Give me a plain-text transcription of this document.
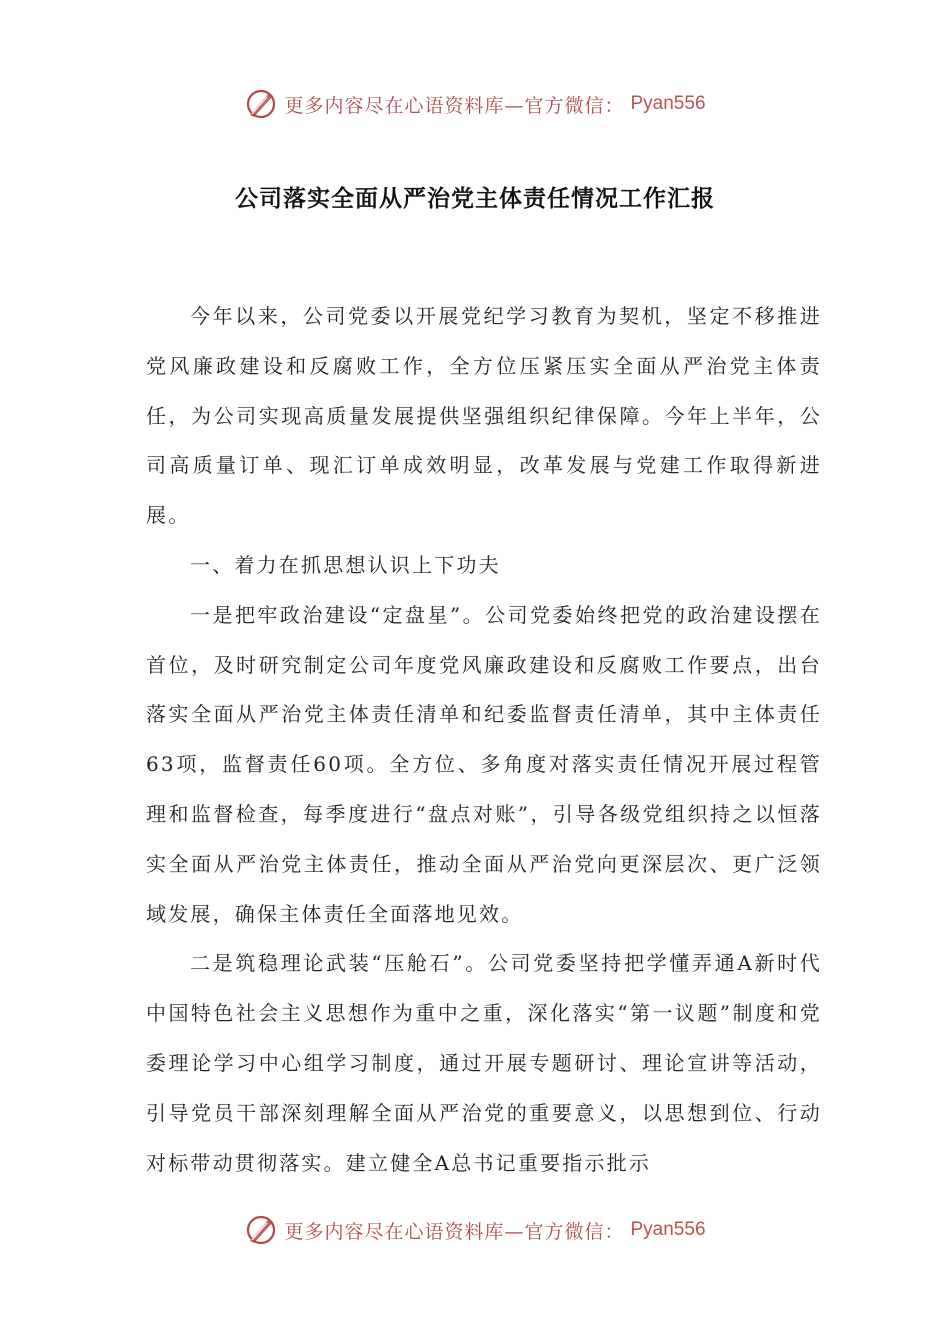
更多内容尽在心语资料库—官方微信： Pyan556
公司落实全面从严治党主体责任情况工作汇报

今年以来，公司党委以开展党纪学习教育为契机，坚定不移推进党风廉政建设和反腐败工作，全方位压紧压实全面从严治党主体责任，为公司实现高质量发展提供坚强组织纪律保障。今年上半年，公司高质量订单、现汇订单成效明显，改革发展与党建工作取得新进展。

一、着力在抓思想认识上下功夫

一是把牢政治建设“定盘星”。公司党委始终把党的政治建设摆在首位，及时研究制定公司年度党风廉政建设和反腐败工作要点，出台落实全面从严治党主体责任清单和纪委监督责任清单，其中主体责任63项，监督责任60项。全方位、多角度对落实责任情况开展过程管理和监督检查，每季度进行“盘点对账”，引导各级党组织持之以恒落实全面从严治党主体责任，推动全面从严治党向更深层次、更广泛领域发展，确保主体责任全面落地见效。

二是筑稳理论武装“压舱石”。公司党委坚持把学懂弄通A新时代中国特色社会主义思想作为重中之重，深化落实“第一议题”制度和党委理论学习中心组学习制度，通过开展专题研讨、理论宣讲等活动，引导党员干部深刻理解全面从严治党的重要意义，以思想到位、行动对标带动贯彻落实。建立健全A总书记重要指示批示

更多内容尽在心语资料库—官方微信： Pyan556
